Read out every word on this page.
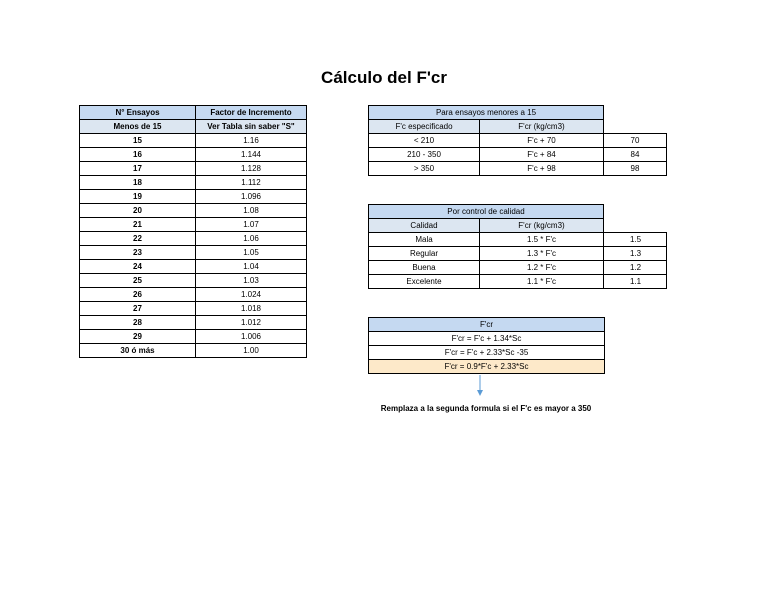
Cálculo del F'cr
N° Ensayos	Factor de Incremento
Menos de 15	Ver Tabla sin saber "S"
15	1.16
16	1.144
17	1.128
18	1.112
19	1.096
20	1.08
21	1.07
22	1.06
23	1.05
24	1.04
25	1.03
26	1.024
27	1.018
28	1.012
29	1.006
30 ó más	1.00
Para ensayos menores a 15		
F'c especificado	F'cr (kg/cm3)	
< 210	F'c + 70	70
210 - 350	F'c + 84	84
> 350	F'c + 98	98
Por control de calidad		
Calidad	F'cr (kg/cm3)	
Mala	1.5 * F'c	1.5
Regular	1.3 * F'c	1.3
Buena	1.2 * F'c	1.2
Excelente	1.1 * F'c	1.1
F'cr
F'cr = F'c + 1.34*Sc
F'cr = F'c + 2.33*Sc -35
F'cr = 0.9*F'c + 2.33*Sc
Remplaza a la segunda formula si el F'c es mayor a 350
